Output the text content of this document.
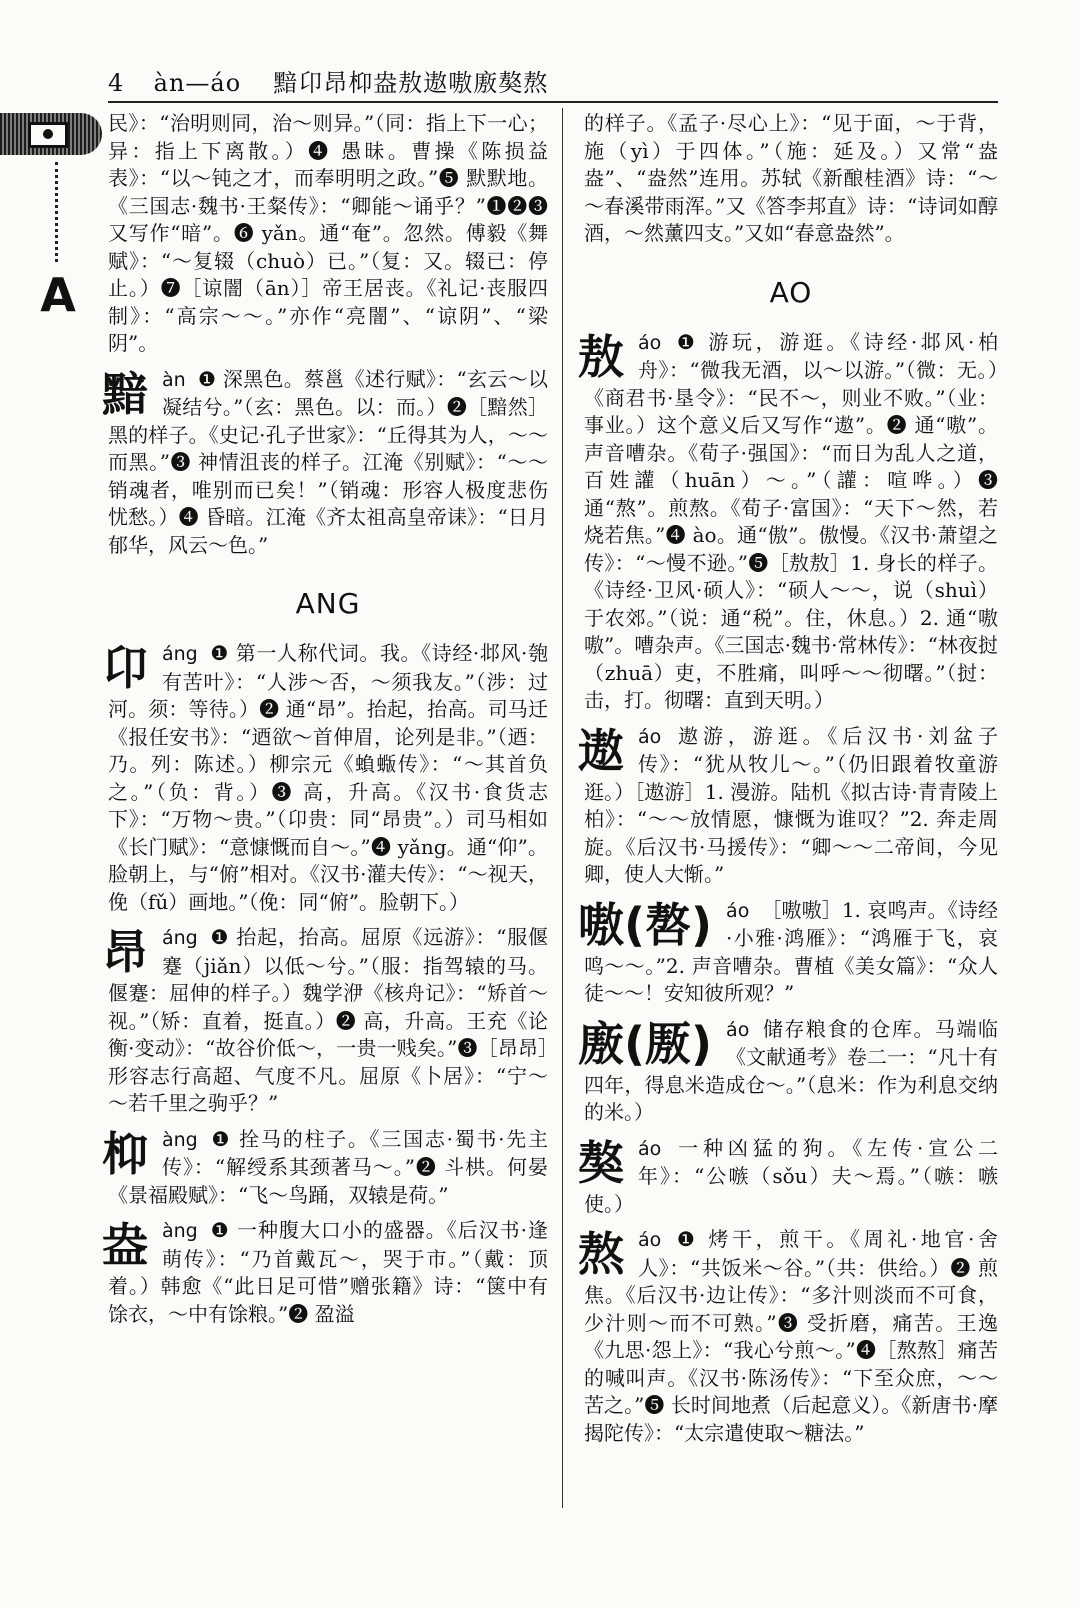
4 àn—áo 黯卬昂枊盎敖遨嗷廒獒熬
A

民》：“治明则同，治～则异。”（同：指上下一心；异：指上下离散。）❹ 愚昧。曹操《陈损益表》：“以～钝之才，而奉明明之政。”❺ 默默地。《三国志·魏书·王粲传》：“卿能～诵乎？”❶❷❸又写作“暗”。❻ yǎn。通“奄”。忽然。傅毅《舞赋》：“～复辍（chuò）已。”（复：又。辍已：停止。）❼［谅闇（ān）］帝王居丧。《礼记·丧服四制》：“高宗～～。”亦作“亮闇”、“谅阴”、“梁阴”。

黯 àn ❶ 深黑色。蔡邕《述行赋》：“玄云～以凝结兮。”（玄：黑色。以：而。）❷［黯然］黑的样子。《史记·孔子世家》：“丘得其为人，～～而黑。”❸ 神情沮丧的样子。江淹《别赋》：“～～销魂者，唯别而已矣！”（销魂：形容人极度悲伤忧愁。）❹ 昏暗。江淹《齐太祖高皇帝诔》：“日月郁华，风云～色。”

ANG
卬 áng ❶ 第一人称代词。我。《诗经·邶风·匏有苦叶》：“人涉～否，～须我友。”（涉：过河。须：等待。）❷ 通“昂”。抬起，抬高。司马迁《报任安书》：“迺欲～首伸眉，论列是非。”（迺：乃。列：陈述。）柳宗元《蝜蝂传》：“～其首负之。”（负：背。）❸ 高，升高。《汉书·食货志下》：“万物～贵。”（卬贵：同“昂贵”。）司马相如《长门赋》：“意慷慨而自～。”❹ yǎng。通“仰”。脸朝上，与“俯”相对。《汉书·灌夫传》：“～视天，俛（fǔ）画地。”（俛：同“俯”。脸朝下。）

昂 áng ❶ 抬起，抬高。屈原《远游》：“服偃蹇（jiǎn）以低～兮。”（服：指驾辕的马。偃蹇：屈伸的样子。）魏学洢《核舟记》：“矫首～视。”（矫：直着，挺直。）❷ 高，升高。王充《论衡·变动》：“故谷价低～，一贵一贱矣。”❸［昂昂］形容志行高超、气度不凡。屈原《卜居》：“宁～～若千里之驹乎？”

枊 àng ❶ 拴马的柱子。《三国志·蜀书·先主传》：“解绶系其颈著马～。”❷ 斗栱。何晏《景福殿赋》：“飞～鸟踊，双辕是荷。”

盎 àng ❶ 一种腹大口小的盛器。《后汉书·逢萌传》：“乃首戴瓦～，哭于市。”（戴：顶着。）韩愈《“此日足可惜”赠张籍》诗：“箧中有馀衣，～中有馀粮。”❷ 盈溢

的样子。《孟子·尽心上》：“见于面，～于背，施（yì）于四体。”（施：延及。）又常“盎盎”、“盎然”连用。苏轼《新酿桂酒》诗：“～～春溪带雨浑。”又《答李邦直》诗：“诗词如醇酒，～然薰四支。”又如“春意盎然”。

AO
敖 áo ❶ 游玩，游逛。《诗经·邶风·柏舟》：“微我无酒，以～以游。”（微：无。）《商君书·垦令》：“民不～，则业不败。”（业：事业。）这个意义后又写作“遨”。❷ 通“嗷”。声音嘈杂。《荀子·强国》：“而日为乱人之道，百姓讙（huān）～。”（讙：喧哗。）❸ 通“熬”。煎熬。《荀子·富国》：“天下～然，若烧若焦。”❹ ào。通“傲”。傲慢。《汉书·萧望之传》：“～慢不逊。”❺［敖敖］1. 身长的样子。《诗经·卫风·硕人》：“硕人～～，说（shuì）于农郊。”（说：通“税”。住，休息。）2. 通“嗷嗷”。嘈杂声。《三国志·魏书·常林传》：“林夜挝（zhuā）吏，不胜痛，叫呼～～彻曙。”（挝：击，打。彻曙：直到天明。）

遨 áo 遨游，游逛。《后汉书·刘盆子传》：“犹从牧儿～。”（仍旧跟着牧童游逛。）［遨游］1. 漫游。陆机《拟古诗·青青陵上柏》：“～～放情愿，慷慨为谁叹？”2. 奔走周旋。《后汉书·马援传》：“卿～～二帝间，今见卿，使人大惭。”

嗷(嗸) áo ［嗷嗷］1. 哀鸣声。《诗经·小雅·鸿雁》：“鸿雁于飞，哀鸣～～。”2. 声音嘈杂。曹植《美女篇》：“众人徒～～！安知彼所观？”

廒(厫) áo 储存粮食的仓库。马端临《文献通考》卷二一：“凡十有四年，得息米造成仓～。”（息米：作为利息交纳的米。）

獒 áo 一种凶猛的狗。《左传·宣公二年》：“公嗾（sǒu）夫～焉。”（嗾：嗾使。）

熬 áo ❶ 烤干，煎干。《周礼·地官·舍人》：“共饭米～谷。”（共：供给。）❷ 煎焦。《后汉书·边让传》：“多汁则淡而不可食，少汁则～而不可熟。”❸ 受折磨，痛苦。王逸《九思·怨上》：“我心兮煎～。”❹［熬熬］痛苦的喊叫声。《汉书·陈汤传》：“下至众庶，～～苦之。”❺ 长时间地煮（后起意义）。《新唐书·摩揭陀传》：“太宗遣使取～糖法。”
